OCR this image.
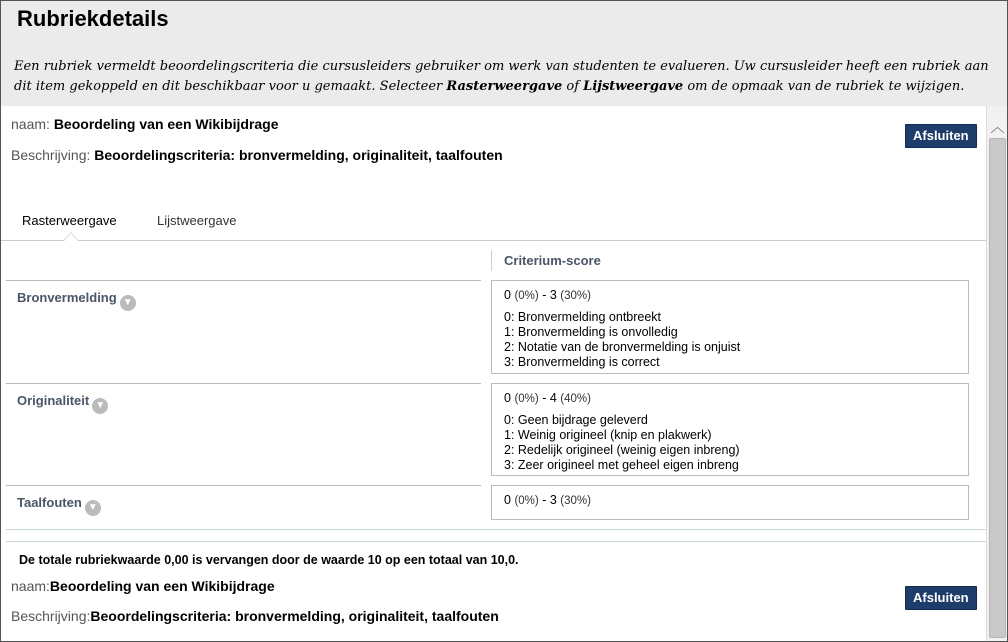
Rubriekdetails

Een rubriek vermeldt beoordelingscriteria die cursusleiders gebruiker om werk van studenten te evalueren. Uw cursusleider heeft een rubriek aan dit item gekoppeld en dit beschikbaar voor u gemaakt. Selecteer Rasterweergave of Lijstweergave om de opmaak van de rubriek te wijzigen.

naam: Beoordeling van een Wikibijdrage
Beschrijving: Beoordelingscriteria: bronvermelding, originaliteit, taalfouten
Afsluiten
Rasterweergave	Lijstweergave
Criterium-score
Bronvermelding ▼
0 (0%) - 3 (30%)
0: Bronvermelding ontbreekt
1: Bronvermelding is onvolledig
2: Notatie van de bronvermelding is onjuist
3: Bronvermelding is correct
Originaliteit ▼
0 (0%) - 4 (40%)
0: Geen bijdrage geleverd
1: Weinig origineel (knip en plakwerk)
2: Redelijk origineel (weinig eigen inbreng)
3: Zeer origineel met geheel eigen inbreng
Taalfouten ▼
0 (0%) - 3 (30%)
De totale rubriekwaarde 0,00 is vervangen door de waarde 10 op een totaal van 10,0.
naam:Beoordeling van een Wikibijdrage
Beschrijving:Beoordelingscriteria: bronvermelding, originaliteit, taalfouten
Afsluiten
︿
